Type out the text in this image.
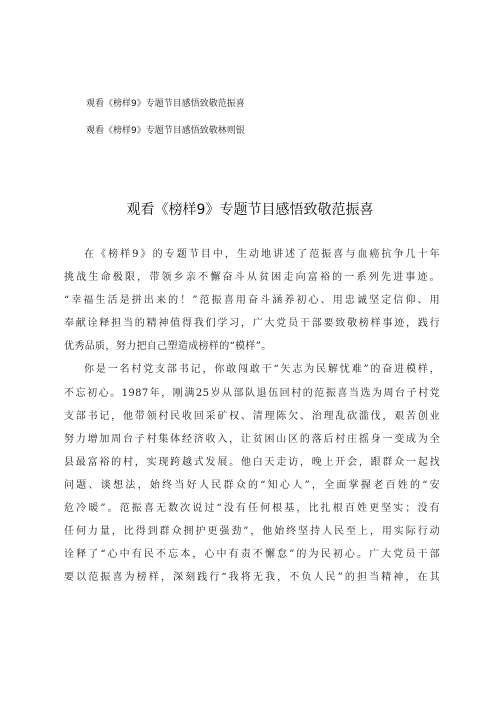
观看《榜样9》专题节目感悟致敬范振喜
观看《榜样9》专题节目感悟致敬林则银
观看《榜样9》专题节目感悟致敬范振喜
在《榜样9》的专题节目中，生动地讲述了范振喜与血癌抗争几十年
挑战生命极限，带领乡亲不懈奋斗从贫困走向富裕的一系列先进事迹。
“幸福生活是拼出来的！”范振喜用奋斗涵养初心、用忠诚坚定信仰、用
奉献诠释担当的精神值得我们学习，广大党员干部要致敬榜样事迹，践行
优秀品质，努力把自己塑造成榜样的“模样”。
你是一名村党支部书记，你敢闯敢干“矢志为民解忧难”的奋进模样，
不忘初心。1987年，刚满25岁从部队退伍回村的范振喜当选为周台子村党
支部书记，他带领村民收回采矿权、清理陈欠、治理乱砍滥伐，艰苦创业
努力增加周台子村集体经济收入，让贫困山区的落后村庄摇身一变成为全
县最富裕的村，实现跨越式发展。他白天走访，晚上开会，跟群众一起找
问题、谈想法，始终当好人民群众的“知心人”，全面掌握老百姓的“安
危冷暖”。范振喜无数次说过“没有任何根基，比扎根百姓更坚实；没有
任何力量，比得到群众拥护更强劲”，他始终坚持人民至上，用实际行动
诠释了“心中有民不忘本，心中有责不懈怠”的为民初心。广大党员干部
要以范振喜为榜样，深刻践行“我将无我，不负人民”的担当精神，在其
